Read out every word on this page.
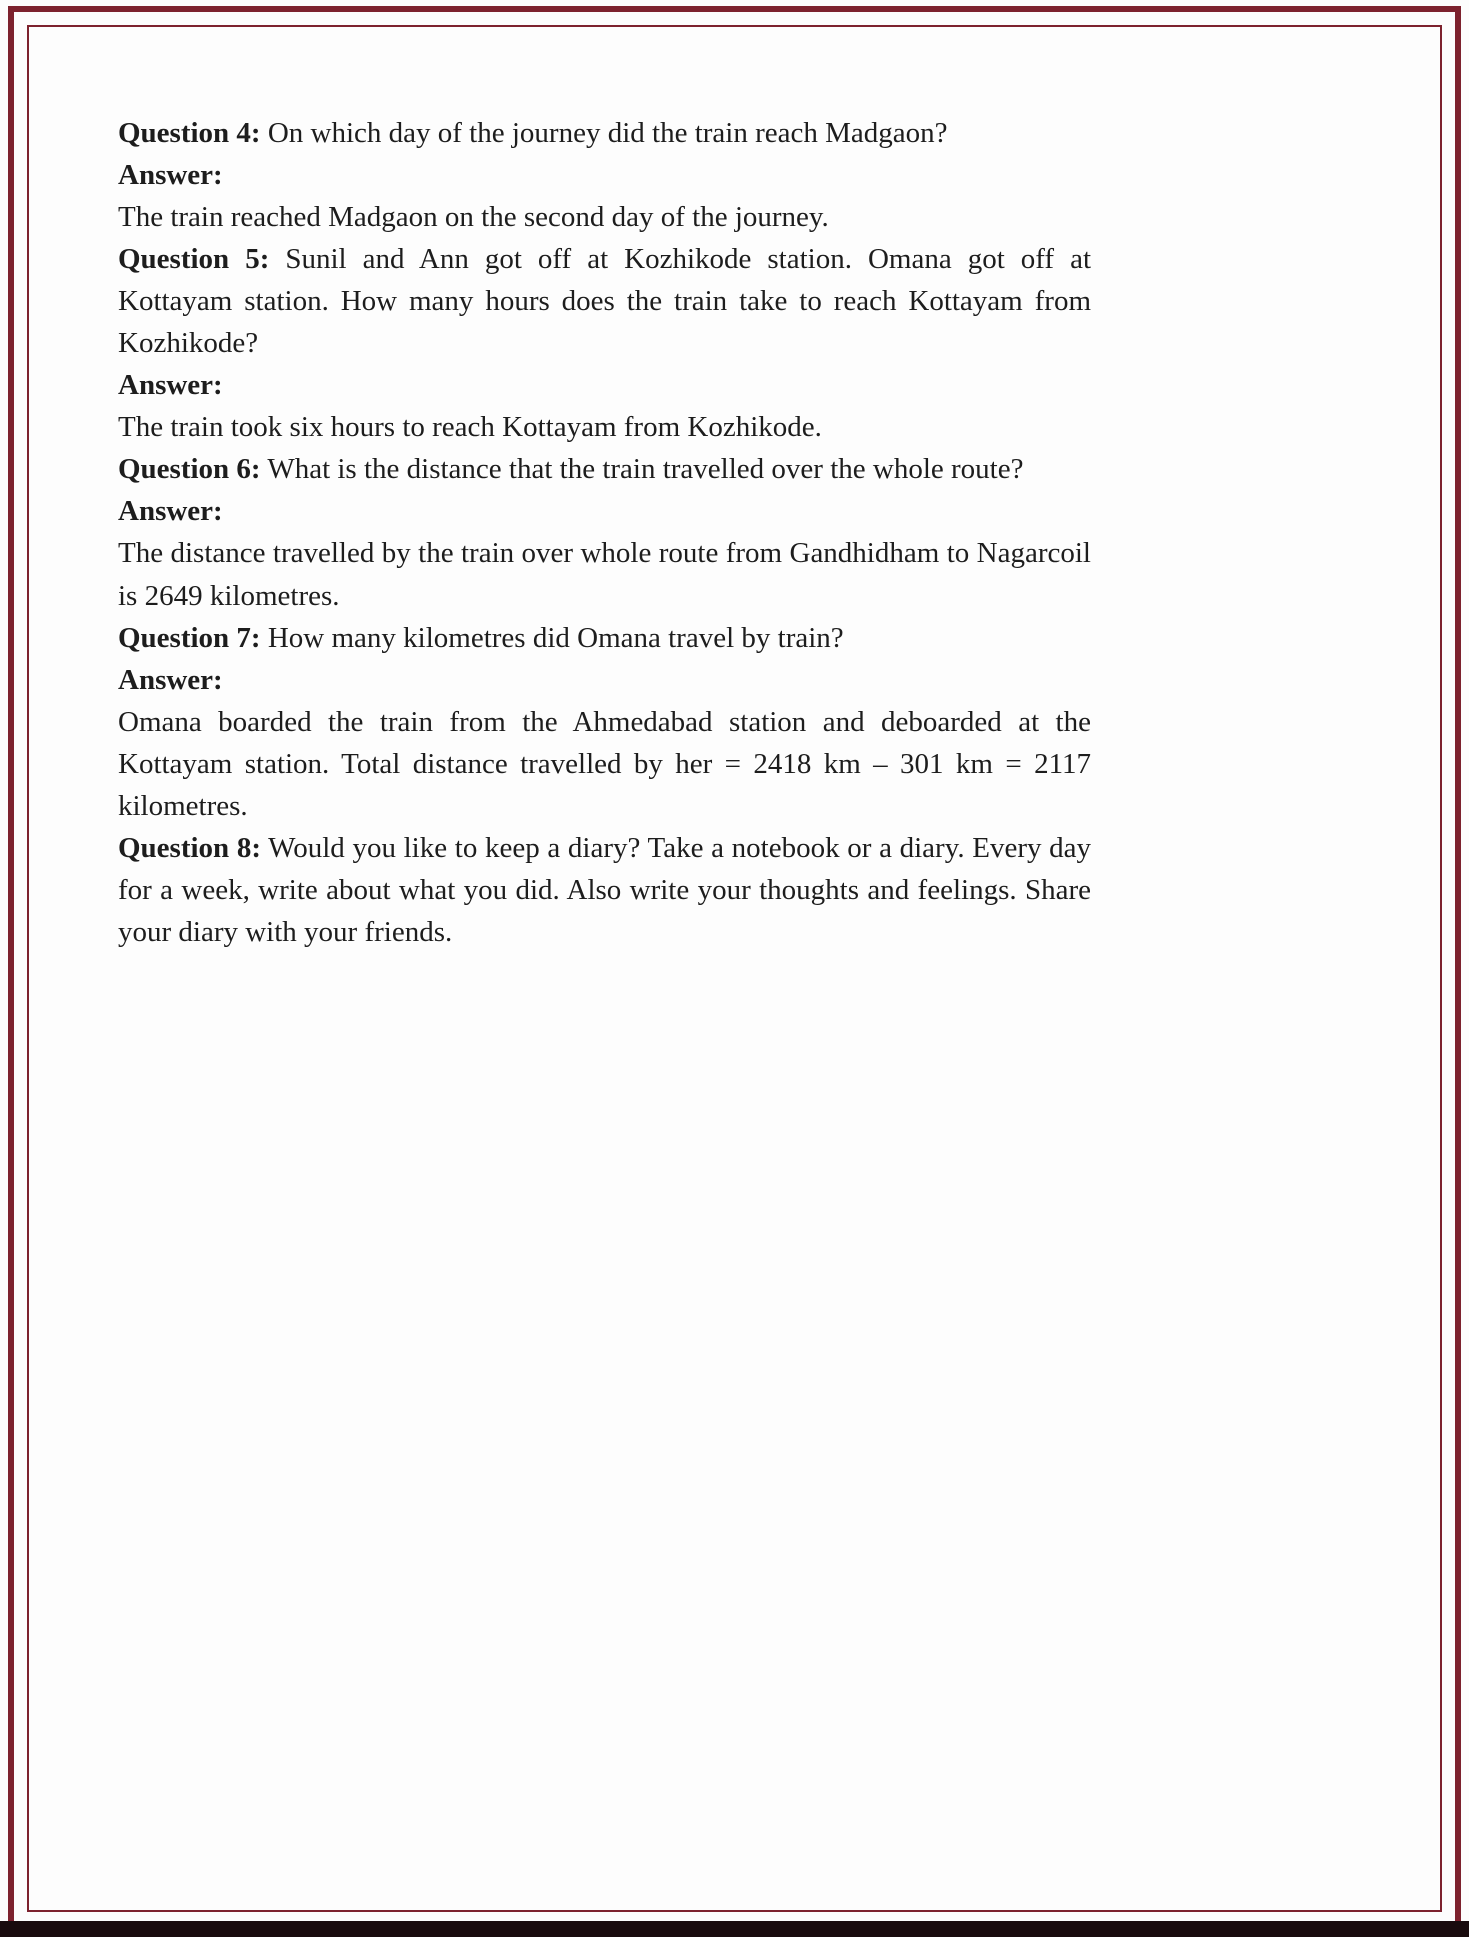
Question 4: On which day of the journey did the train reach Madgaon?

Answer:

The train reached Madgaon on the second day of the journey.

Question 5: Sunil and Ann got off at Kozhikode station. Omana got off at Kottayam station. How many hours does the train take to reach Kottayam from Kozhikode?

Answer:

The train took six hours to reach Kottayam from Kozhikode.

Question 6: What is the distance that the train travelled over the whole route?

Answer:

The distance travelled by the train over whole route from Gandhidham to Nagarcoil is 2649 kilometres.

Question 7: How many kilometres did Omana travel by train?

Answer:

Omana boarded the train from the Ahmedabad station and deboarded at the Kottayam station. Total distance travelled by her = 2418 km – 301 km = 2117 kilometres.

Question 8: Would you like to keep a diary? Take a notebook or a diary. Every day for a week, write about what you did. Also write your thoughts and feelings. Share your diary with your friends.
